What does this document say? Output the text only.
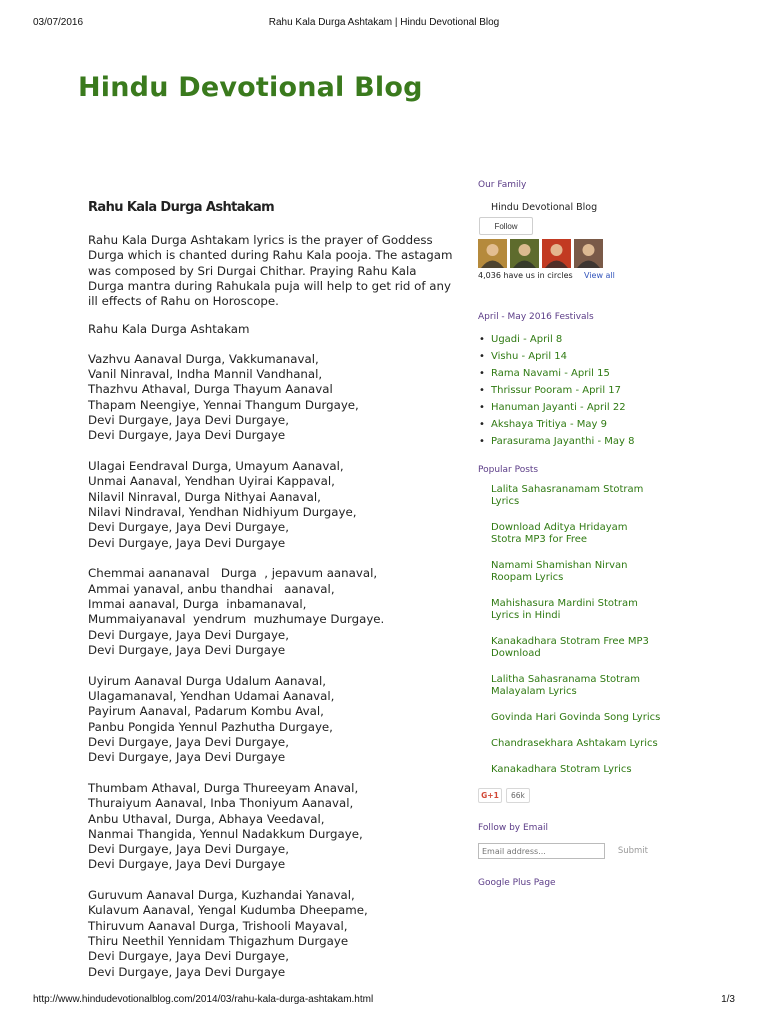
03/07/2016	Rahu Kala Durga Ashtakam | Hindu Devotional Blog
Hindu Devotional Blog
Rahu Kala Durga Ashtakam

Rahu Kala Durga Ashtakam lyrics is the prayer of Goddess Durga which is chanted during Rahu Kala pooja. The astagam was composed by Sri Durgai Chithar. Praying Rahu Kala Durga mantra during Rahukala puja will help to get rid of any ill effects of Rahu on Horoscope.

Rahu Kala Durga Ashtakam

Vazhvu Aanaval Durga, Vakkumanaval,
Vanil Ninraval, Indha Mannil Vandhanal,
Thazhvu Athaval, Durga Thayum Aanaval
Thapam Neengiye, Yennai Thangum Durgaye,
Devi Durgaye, Jaya Devi Durgaye,
Devi Durgaye, Jaya Devi Durgaye
Ulagai Eendraval Durga, Umayum Aanaval,
Unmai Aanaval, Yendhan Uyirai Kappaval,
Nilavil Ninraval, Durga Nithyai Aanaval,
Nilavi Nindraval, Yendhan Nidhiyum Durgaye,
Devi Durgaye, Jaya Devi Durgaye,
Devi Durgaye, Jaya Devi Durgaye
Chemmai aananaval   Durga  , jepavum aanaval,
Ammai yanaval, anbu thandhai   aanaval,
Immai aanaval, Durga  inbamanaval,
Mummaiyanaval  yendrum  muzhumaye Durgaye.
Devi Durgaye, Jaya Devi Durgaye,
Devi Durgaye, Jaya Devi Durgaye
Uyirum Aanaval Durga Udalum Aanaval,
Ulagamanaval, Yendhan Udamai Aanaval,
Payirum Aanaval, Padarum Kombu Aval,
Panbu Pongida Yennul Pazhutha Durgaye,
Devi Durgaye, Jaya Devi Durgaye,
Devi Durgaye, Jaya Devi Durgaye
Thumbam Athaval, Durga Thureeyam Anaval,
Thuraiyum Aanaval, Inba Thoniyum Aanaval,
Anbu Uthaval, Durga, Abhaya Veedaval,
Nanmai Thangida, Yennul Nadakkum Durgaye,
Devi Durgaye, Jaya Devi Durgaye,
Devi Durgaye, Jaya Devi Durgaye
Guruvum Aanaval Durga, Kuzhandai Yanaval,
Kulavum Aanaval, Yengal Kudumba Dheepame,
Thiruvum Aanaval Durga, Trishooli Mayaval,
Thiru Neethil Yennidam Thigazhum Durgaye
Devi Durgaye, Jaya Devi Durgaye,
Devi Durgaye, Jaya Devi Durgaye

Our Family

Hindu Devotional Blog
Follow
4,036 have us in circles View all

April - May 2016 Festivals

• Ugadi - April 8
• Vishu - April 14
• Rama Navami - April 15
• Thrissur Pooram - April 17
• Hanuman Jayanti - April 22
• Akshaya Tritiya - May 9
• Parasurama Jayanthi - May 8

Popular Posts

Lalita Sahasranamam Stotram Lyrics
Download Aditya Hridayam Stotra MP3 for Free
Namami Shamishan Nirvan Roopam Lyrics
Mahishasura Mardini Stotram Lyrics in Hindi
Kanakadhara Stotram Free MP3 Download
Lalitha Sahasranama Stotram Malayalam Lyrics
Govinda Hari Govinda Song Lyrics
Chandrasekhara Ashtakam Lyrics
Kanakadhara Stotram Lyrics
G+1	66k

Follow by Email

Email address...
Submit

Google Plus Page

http://www.hindudevotionalblog.com/2014/03/rahu-kala-durga-ashtakam.html	1/3
